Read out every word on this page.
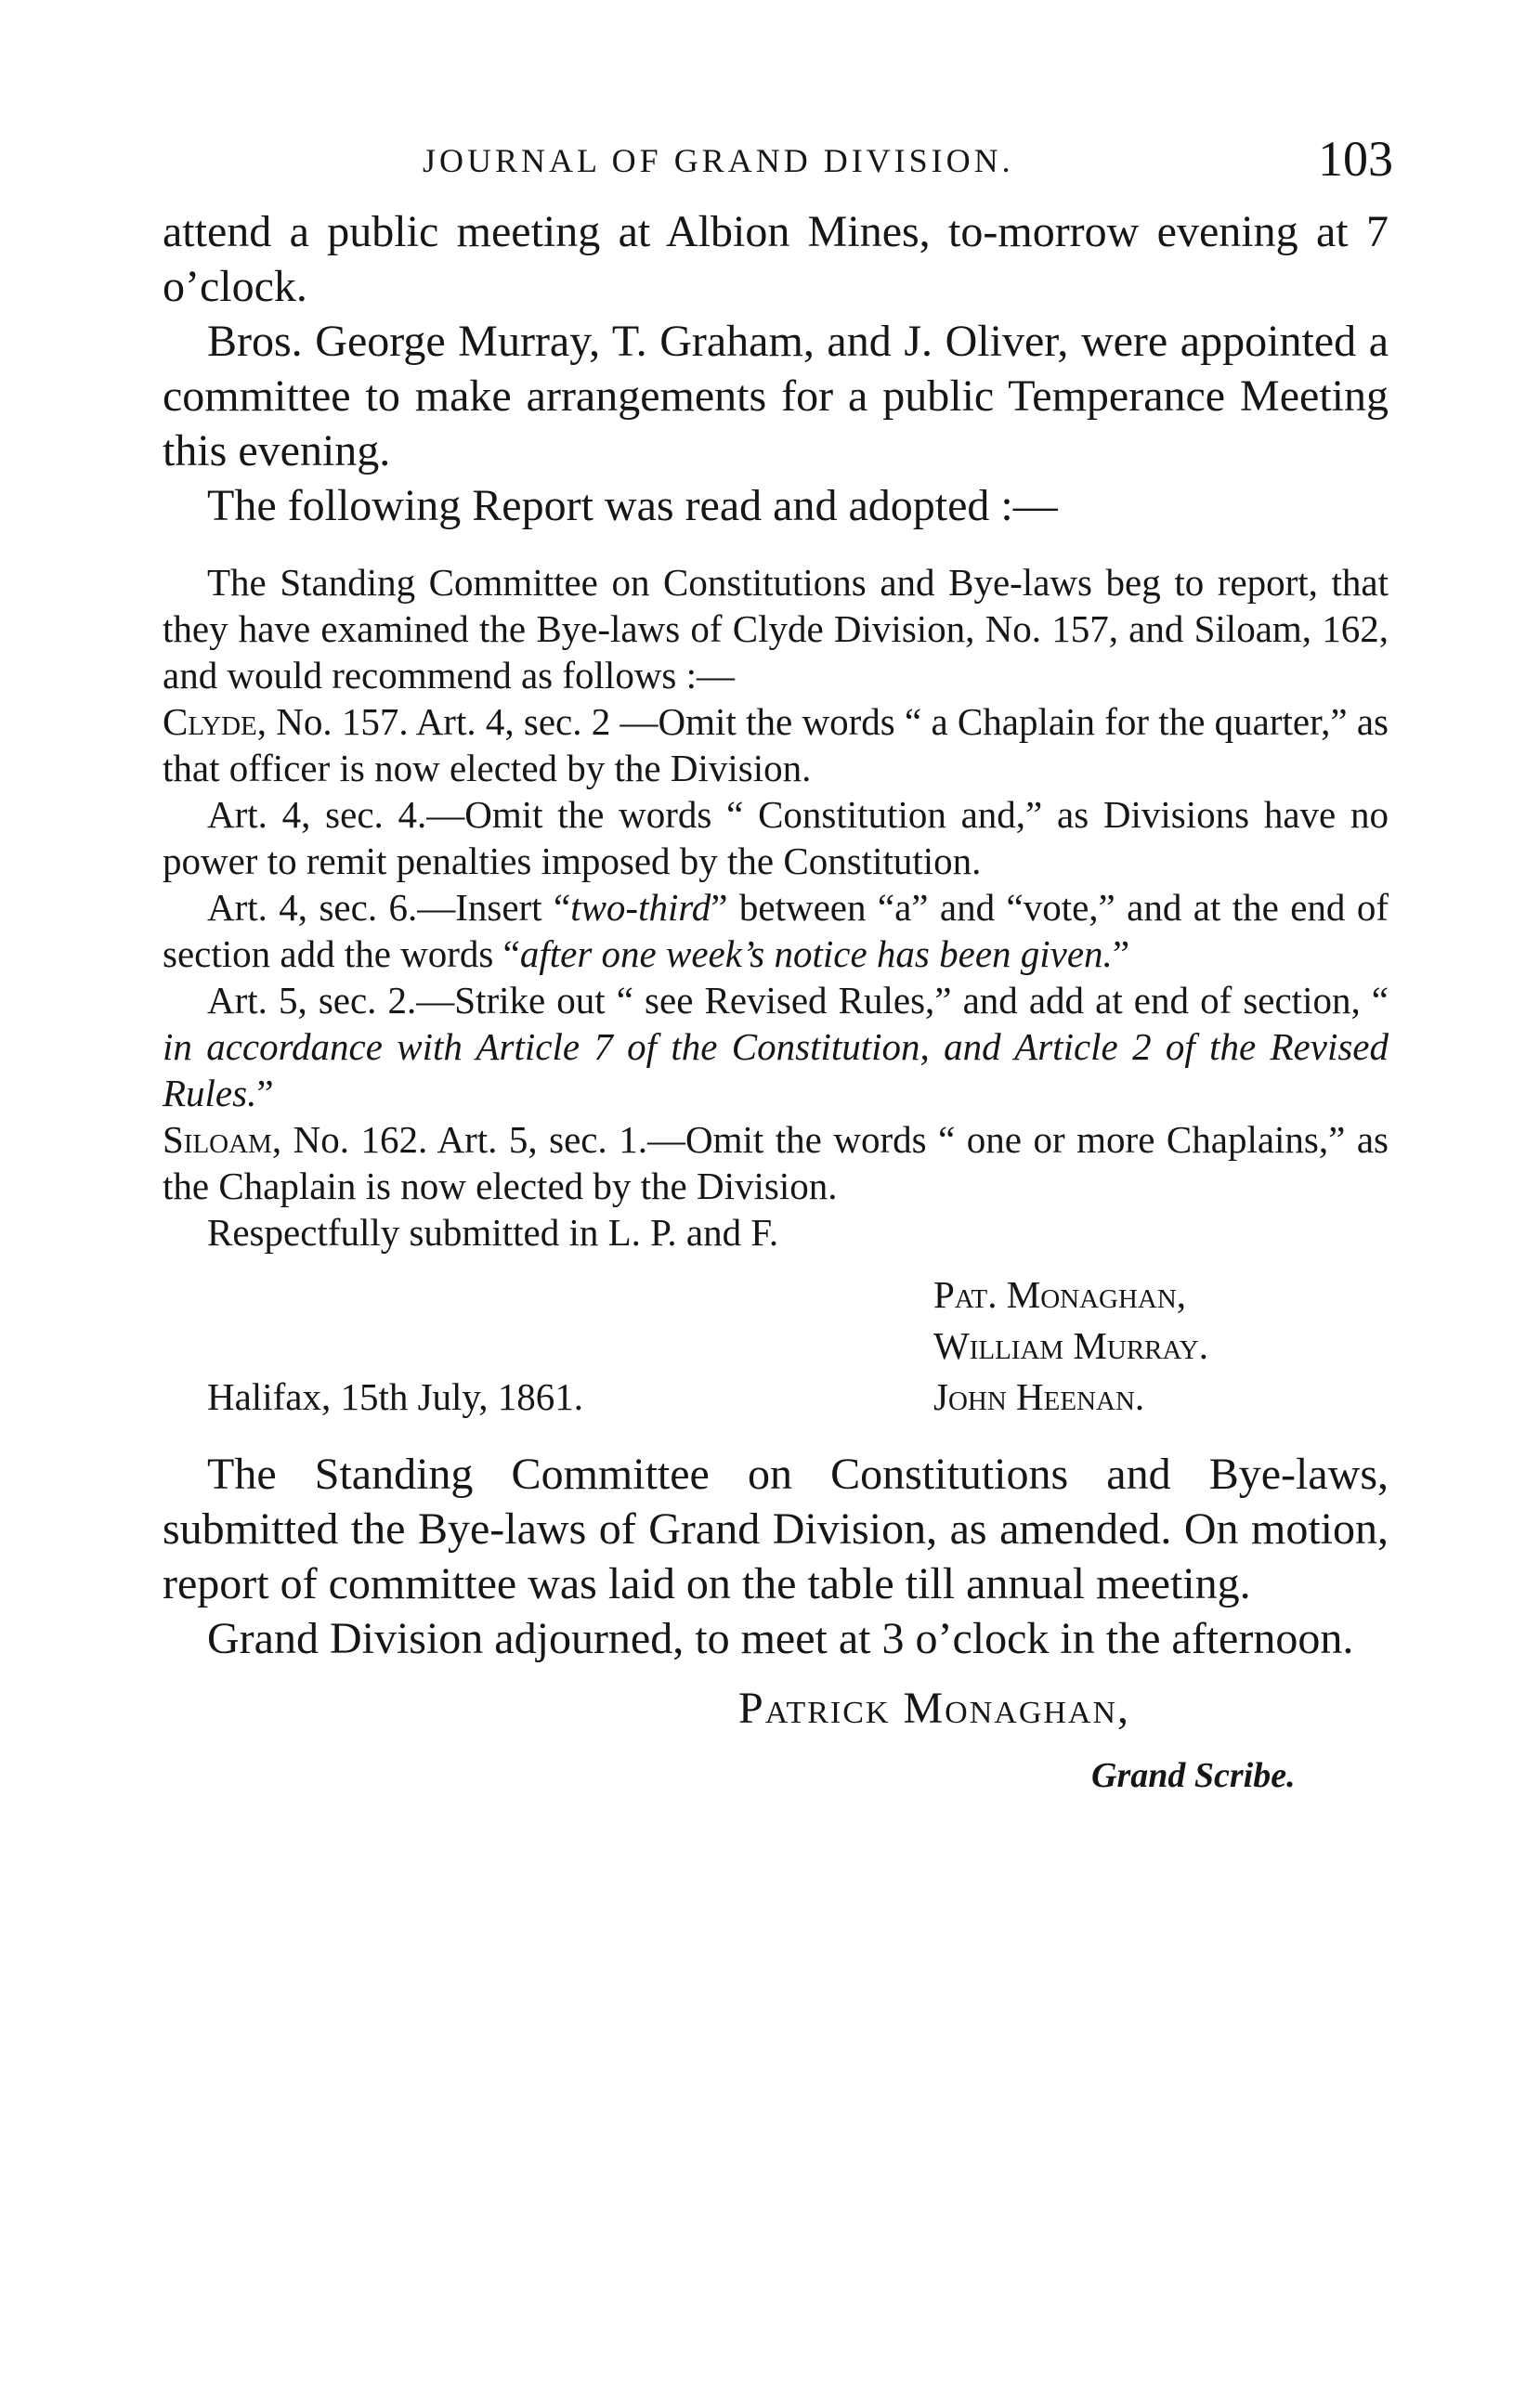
JOURNAL OF GRAND DIVISION.	103

attend a public meeting at Albion Mines, to-morrow evening at 7 o’clock.

Bros. George Murray, T. Graham, and J. Oliver, were appointed a committee to make arrangements for a public Temperance Meeting this evening.

The following Report was read and adopted :—

The Standing Committee on Constitutions and Bye-laws beg to report, that they have examined the Bye-laws of Clyde Division, No. 157, and Siloam, 162, and would recommend as follows :—

Clyde, No. 157. Art. 4, sec. 2 —Omit the words “ a Chaplain for the quarter,” as that officer is now elected by the Division.

Art. 4, sec. 4.—Omit the words “ Constitution and,” as Divisions have no power to remit penalties imposed by the Constitution.

Art. 4, sec. 6.—Insert “two-third” between “a” and “vote,” and at the end of section add the words “after one week’s notice has been given.”

Art. 5, sec. 2.—Strike out “ see Revised Rules,” and add at end of section, “ in accordance with Article 7 of the Constitution, and Article 2 of the Revised Rules.”

Siloam, No. 162. Art. 5, sec. 1.—Omit the words “ one or more Chaplains,” as the Chaplain is now elected by the Division.

Respectfully submitted in L. P. and F.

Pat. Monaghan,
William Murray.
John Heenan.
Halifax, 15th July, 1861.

The Standing Committee on Constitutions and Bye-laws, submitted the Bye-laws of Grand Division, as amended. On motion, report of committee was laid on the table till annual meeting.

Grand Division adjourned, to meet at 3 o’clock in the afternoon.

Patrick Monaghan,
Grand Scribe.
